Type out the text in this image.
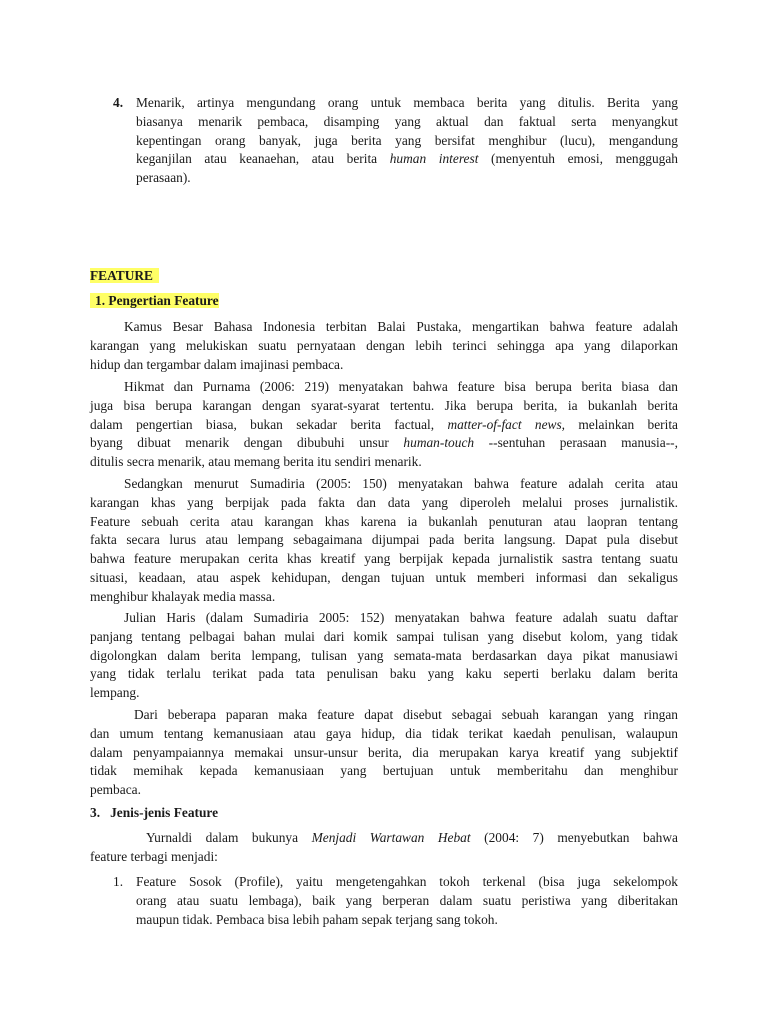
4. Menarik, artinya mengundang orang untuk membaca berita yang ditulis. Berita yang
biasanya menarik pembaca, disamping yang aktual dan faktual serta menyangkut
kepentingan orang banyak, juga berita yang bersifat menghibur (lucu), mengandung
keganjilan atau keanaehan, atau berita human interest (menyentuh emosi, menggugah
perasaan).
FEATURE
1. Pengertian Feature
Kamus Besar Bahasa Indonesia terbitan Balai Pustaka, mengartikan bahwa feature adalah
karangan yang melukiskan suatu pernyataan dengan lebih terinci sehingga apa yang dilaporkan
hidup dan tergambar dalam imajinasi pembaca.
Hikmat dan Purnama (2006: 219) menyatakan bahwa feature bisa berupa berita biasa dan
juga bisa berupa karangan dengan syarat-syarat tertentu. Jika berupa berita, ia bukanlah berita
dalam pengertian biasa, bukan sekadar berita factual, matter-of-fact news, melainkan berita
byang dibuat menarik dengan dibubuhi unsur human-touch --sentuhan perasaan manusia--,
ditulis secra menarik, atau memang berita itu sendiri menarik.
Sedangkan menurut Sumadiria (2005: 150) menyatakan bahwa feature adalah cerita atau
karangan khas yang berpijak pada fakta dan data yang diperoleh melalui proses jurnalistik.
Feature sebuah cerita atau karangan khas karena ia bukanlah penuturan atau laopran tentang
fakta secara lurus atau lempang sebagaimana dijumpai pada berita langsung. Dapat pula disebut
bahwa feature merupakan cerita khas kreatif yang berpijak kepada jurnalistik sastra tentang suatu
situasi, keadaan, atau aspek kehidupan, dengan tujuan untuk memberi informasi dan sekaligus
menghibur khalayak media massa.
Julian Haris (dalam Sumadiria 2005: 152) menyatakan bahwa feature adalah suatu daftar
panjang tentang pelbagai bahan mulai dari komik sampai tulisan yang disebut kolom, yang tidak
digolongkan dalam berita lempang, tulisan yang semata-mata berdasarkan daya pikat manusiawi
yang tidak terlalu terikat pada tata penulisan baku yang kaku seperti berlaku dalam berita
lempang.
Dari beberapa paparan maka feature dapat disebut sebagai sebuah karangan yang ringan
dan umum tentang kemanusiaan atau gaya hidup, dia tidak terikat kaedah penulisan, walaupun
dalam penyampaiannya memakai unsur-unsur berita, dia merupakan karya kreatif yang subjektif
tidak memihak kepada kemanusiaan yang bertujuan untuk memberitahu dan menghibur
pembaca.
3.   Jenis-jenis Feature
Yurnaldi dalam bukunya Menjadi Wartawan Hebat (2004: 7) menyebutkan bahwa
feature terbagi menjadi:
1. Feature Sosok (Profile), yaitu mengetengahkan tokoh terkenal (bisa juga sekelompok
orang atau suatu lembaga), baik yang berperan dalam suatu peristiwa yang diberitakan
maupun tidak. Pembaca bisa lebih paham sepak terjang sang tokoh.
